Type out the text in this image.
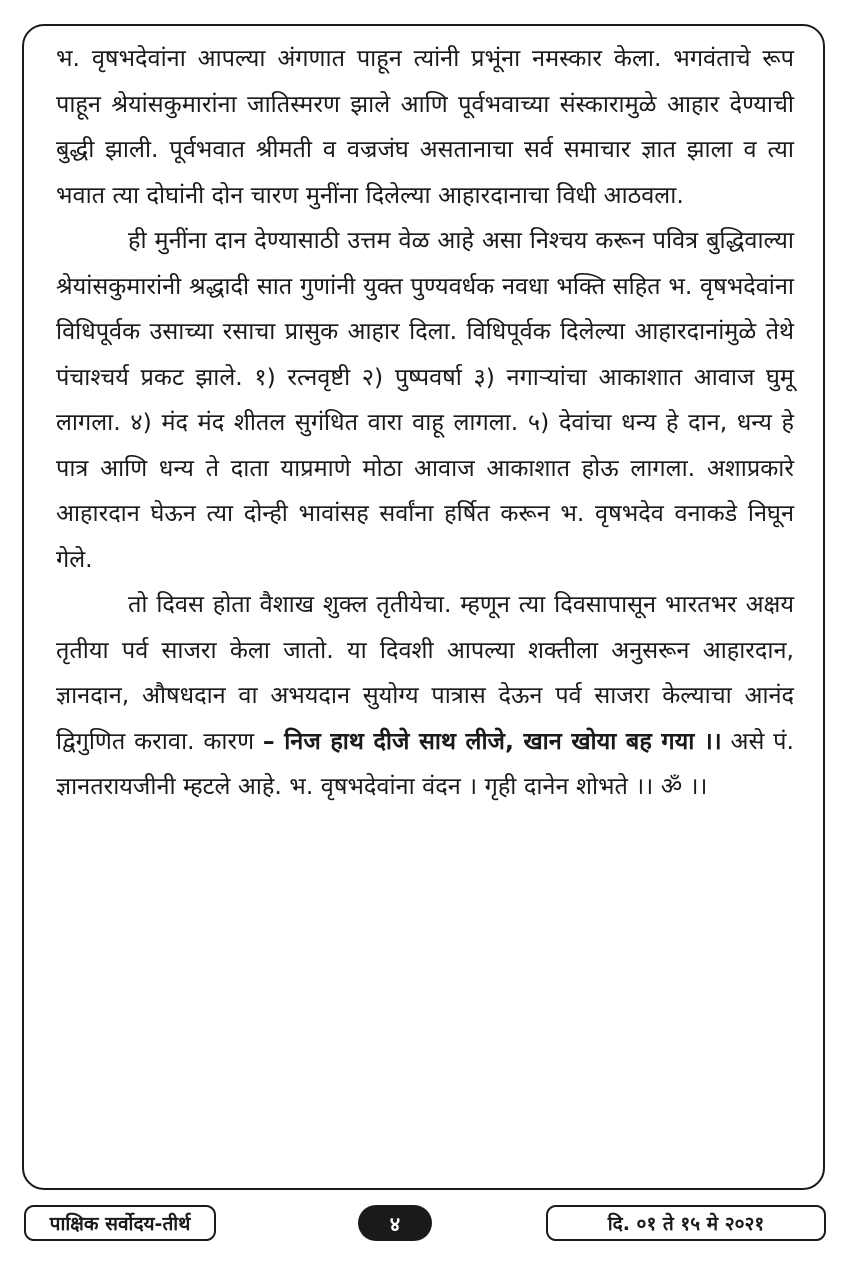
भ. वृषभदेवांना आपल्या अंगणात पाहून त्यांनी प्रभूंना नमस्कार केला. भगवंताचे रूप पाहून श्रेयांसकुमारांना जातिस्मरण झाले आणि पूर्वभवाच्या संस्कारामुळे आहार देण्याची बुद्धी झाली. पूर्वभवात श्रीमती व वज्रजंघ असतानाचा सर्व समाचार ज्ञात झाला व त्या भवात त्या दोघांनी दोन चारण मुनींना दिलेल्या आहारदानाचा विधी आठवला.

ही मुनींना दान देण्यासाठी उत्तम वेळ आहे असा निश्चय करून पवित्र बुद्धिवाल्या श्रेयांसकुमारांनी श्रद्धादी सात गुणांनी युक्त पुण्यवर्धक नवधा भक्ति सहित भ. वृषभदेवांना विधिपूर्वक उसाच्या रसाचा प्रासुक आहार दिला. विधिपूर्वक दिलेल्या आहारदानांमुळे तेथे पंचाश्चर्य प्रकट झाले. १) रत्नवृष्टी २) पुष्पवर्षा ३) नगाऱ्यांचा आकाशात आवाज घुमू लागला. ४) मंद मंद शीतल सुगंधित वारा वाहू लागला. ५) देवांचा धन्य हे दान, धन्य हे पात्र आणि धन्य ते दाता याप्रमाणे मोठा आवाज आकाशात होऊ लागला. अशाप्रकारे आहारदान घेऊन त्या दोन्ही भावांसह सर्वांना हर्षित करून भ. वृषभदेव वनाकडे निघून गेले.

तो दिवस होता वैशाख शुक्ल तृतीयेचा. म्हणून त्या दिवसापासून भारतभर अक्षय तृतीया पर्व साजरा केला जातो. या दिवशी आपल्या शक्तीला अनुसरून आहारदान, ज्ञानदान, औषधदान वा अभयदान सुयोग्य पात्रास देऊन पर्व साजरा केल्याचा आनंद द्विगुणित करावा. कारण – निज हाथ दीजे साथ लीजे, खान खोया बह गया ।। असे पं. ज्ञानतरायजीनी म्हटले आहे. भ. वृषभदेवांना वंदन । गृही दानेन शोभते ।। ॐ ।।

पाक्षिक सर्वोदय-तीर्थ	४	दि. ०१ ते १५ मे २०२१
